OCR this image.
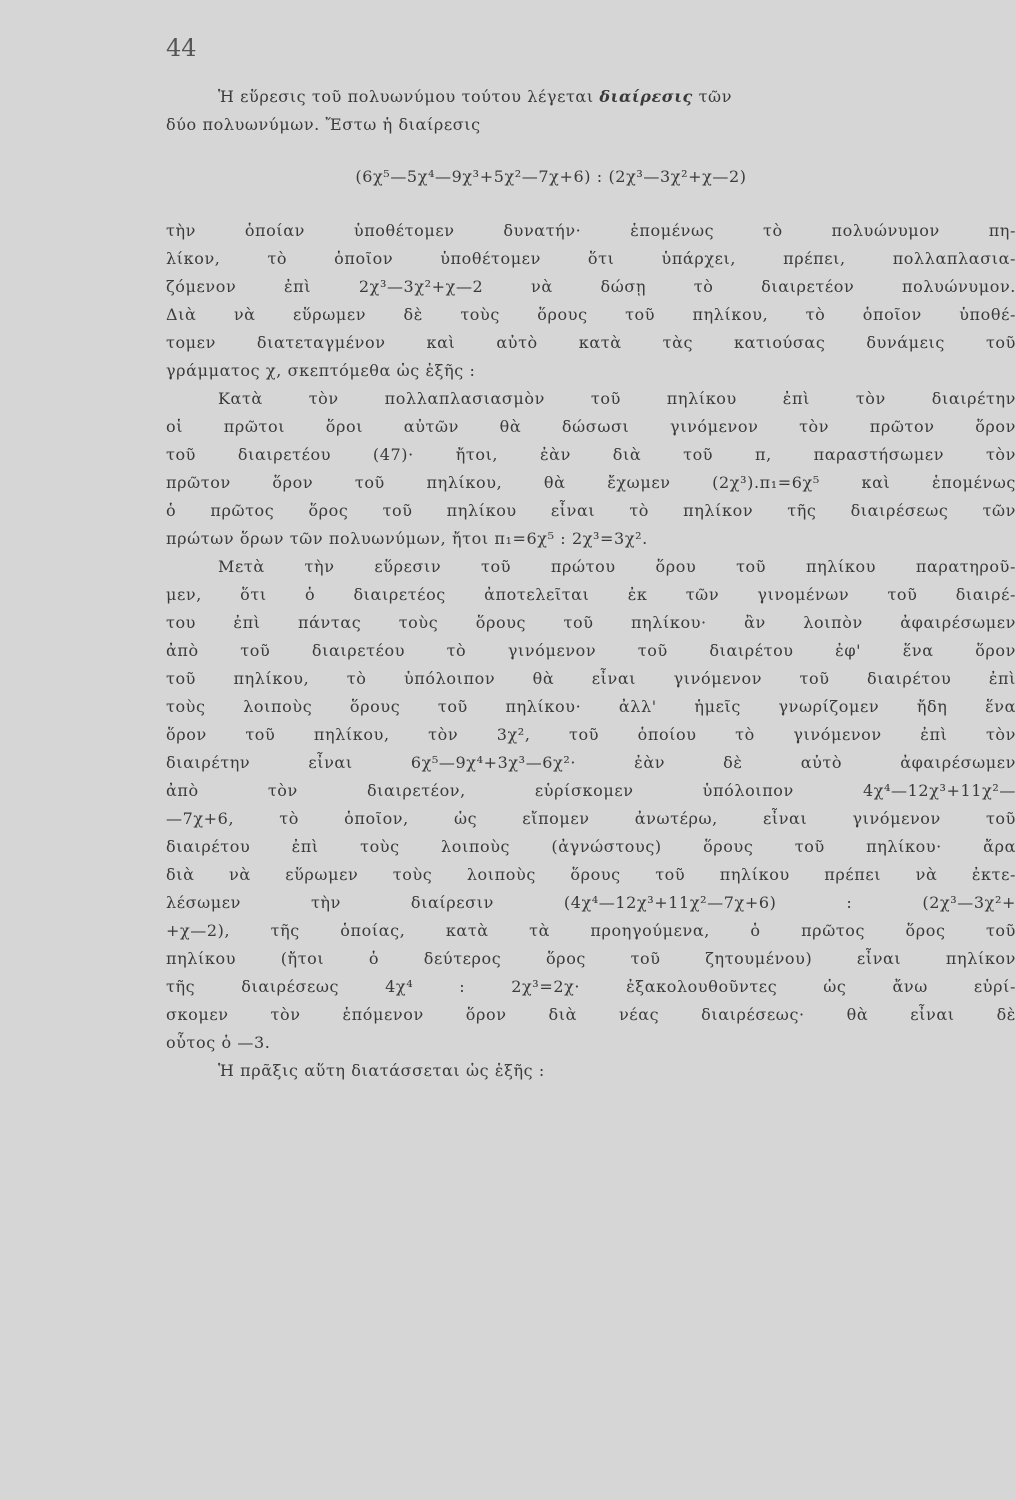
44
Ἡ εὕρεσις τοῦ πολυωνύμου τούτου λέγεται διαίρεσις τῶν
δύο πολυωνύμων. Ἔστω ἡ διαίρεσις
(6χ⁵—5χ⁴—9χ³+5χ²—7χ+6) : (2χ³—3χ²+χ—2)
τὴν ὁποίαν ὑποθέτομεν δυνατήν· ἑπομένως τὸ πολυώνυμον πη-
λίκον, τὸ ὁποῖον ὑποθέτομεν ὅτι ὑπάρχει, πρέπει, πολλαπλασια-
ζόμενον ἐπὶ 2χ³—3χ²+χ—2 νὰ δώσῃ τὸ διαιρετέον πολυώνυμον.
Διὰ νὰ εὕρωμεν δὲ τοὺς ὅρους τοῦ πηλίκου, τὸ ὁποῖον ὑποθέ-
τομεν διατεταγμένον καὶ αὐτὸ κατὰ τὰς κατιούσας δυνάμεις τοῦ
γράμματος χ, σκεπτόμεθα ὡς ἑξῆς :
Κατὰ τὸν πολλαπλασιασμὸν τοῦ πηλίκου ἐπὶ τὸν διαιρέτην
οἱ πρῶτοι ὅροι αὐτῶν θὰ δώσωσι γινόμενον τὸν πρῶτον ὅρον
τοῦ διαιρετέου (47)· ἤτοι, ἐὰν διὰ τοῦ π, παραστήσωμεν τὸν
πρῶτον ὅρον τοῦ πηλίκου, θὰ ἔχωμεν (2χ³).π₁=6χ⁵ καὶ ἑπομένως
ὁ πρῶτος ὅρος τοῦ πηλίκου εἶναι τὸ πηλίκον τῆς διαιρέσεως τῶν
πρώτων ὅρων τῶν πολυωνύμων, ἤτοι π₁=6χ⁵ : 2χ³=3χ².
Μετὰ τὴν εὕρεσιν τοῦ πρώτου ὅρου τοῦ πηλίκου παρατηροῦ-
μεν, ὅτι ὁ διαιρετέος ἀποτελεῖται ἐκ τῶν γινομένων τοῦ διαιρέ-
του ἐπὶ πάντας τοὺς ὅρους τοῦ πηλίκου· ἂν λοιπὸν ἀφαιρέσωμεν
ἀπὸ τοῦ διαιρετέου τὸ γινόμενον τοῦ διαιρέτου ἐφ' ἕνα ὅρον
τοῦ πηλίκου, τὸ ὑπόλοιπον θὰ εἶναι γινόμενον τοῦ διαιρέτου ἐπὶ
τοὺς λοιποὺς ὅρους τοῦ πηλίκου· ἀλλ' ἡμεῖς γνωρίζομεν ἤδη ἕνα
ὅρον τοῦ πηλίκου, τὸν 3χ², τοῦ ὁποίου τὸ γινόμενον ἐπὶ τὸν
διαιρέτην εἶναι 6χ⁵—9χ⁴+3χ³—6χ²· ἐὰν δὲ αὐτὸ ἀφαιρέσωμεν
ἀπὸ τὸν διαιρετέον, εὑρίσκομεν ὑπόλοιπον 4χ⁴—12χ³+11χ²—
—7χ+6, τὸ ὁποῖον, ὡς εἴπομεν ἀνωτέρω, εἶναι γινόμενον τοῦ
διαιρέτου ἐπὶ τοὺς λοιποὺς (ἀγνώστους) ὅρους τοῦ πηλίκου· ἄρα
διὰ νὰ εὕρωμεν τοὺς λοιποὺς ὅρους τοῦ πηλίκου πρέπει νὰ ἐκτε-
λέσωμεν τὴν διαίρεσιν (4χ⁴—12χ³+11χ²—7χ+6) : (2χ³—3χ²+
+χ—2), τῆς ὁποίας, κατὰ τὰ προηγούμενα, ὁ πρῶτος ὅρος τοῦ
πηλίκου (ἤτοι ὁ δεύτερος ὅρος τοῦ ζητουμένου) εἶναι πηλίκον
τῆς διαιρέσεως 4χ⁴ : 2χ³=2χ· ἐξακολουθοῦντες ὡς ἄνω εὑρί-
σκομεν τὸν ἑπόμενον ὅρον διὰ νέας διαιρέσεως· θὰ εἶναι δὲ
οὗτος ὁ —3.
Ἡ πρᾶξις αὕτη διατάσσεται ὡς ἑξῆς :
